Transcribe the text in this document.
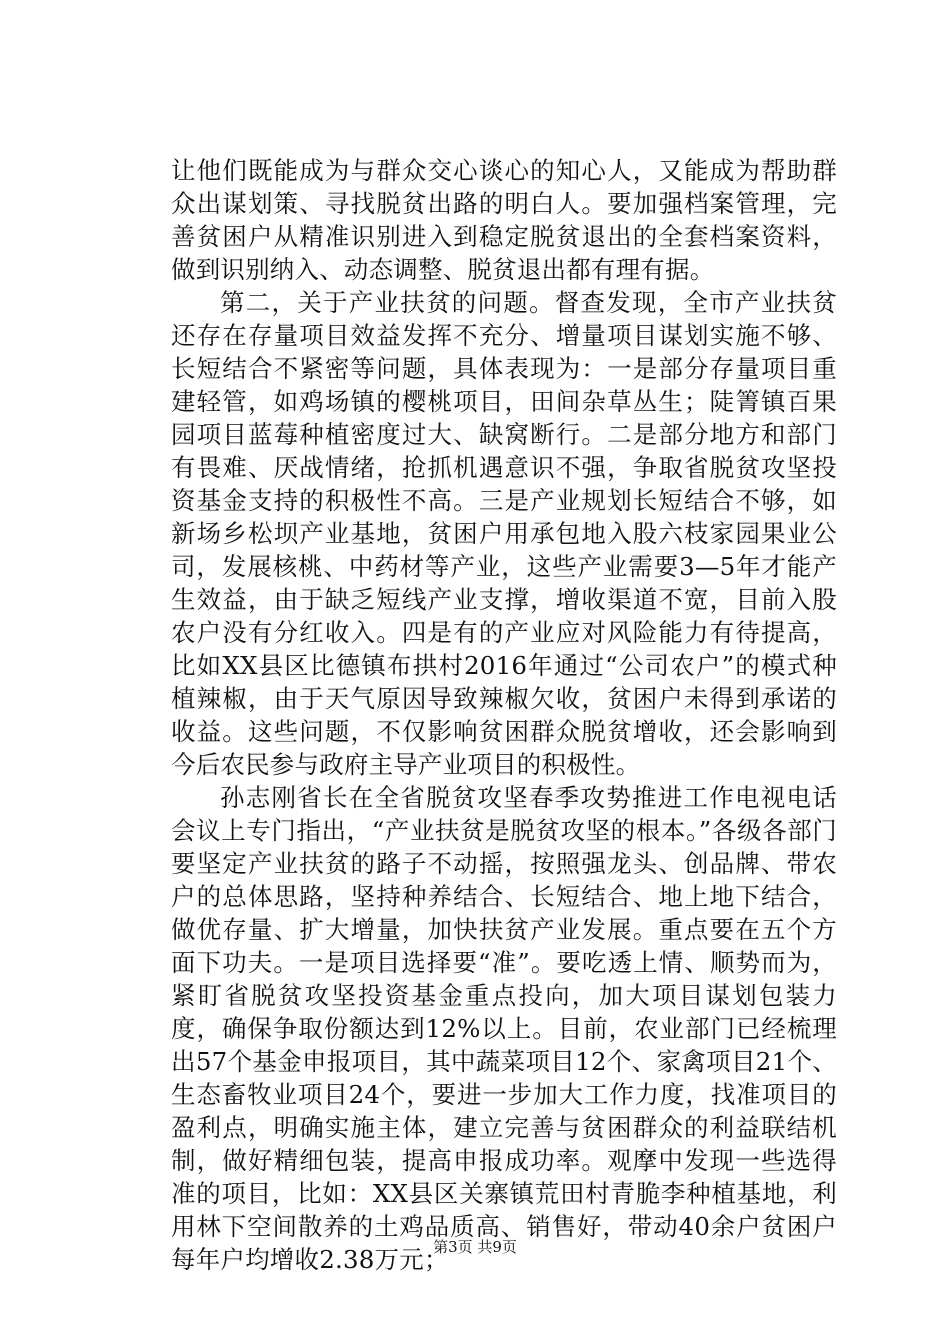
让他们既能成为与群众交心谈心的知心人，又能成为帮助群众出谋划策、寻找脱贫出路的明白人。要加强档案管理，完善贫困户从精准识别进入到稳定脱贫退出的全套档案资料，做到识别纳入、动态调整、脱贫退出都有理有据。

第二，关于产业扶贫的问题。督查发现，全市产业扶贫还存在存量项目效益发挥不充分、增量项目谋划实施不够、长短结合不紧密等问题，具体表现为：一是部分存量项目重建轻管，如鸡场镇的樱桃项目，田间杂草丛生；陡箐镇百果园项目蓝莓种植密度过大、缺窝断行。二是部分地方和部门有畏难、厌战情绪，抢抓机遇意识不强，争取省脱贫攻坚投资基金支持的积极性不高。三是产业规划长短结合不够，如新场乡松坝产业基地，贫困户用承包地入股六枝家园果业公司，发展核桃、中药材等产业，这些产业需要3—5年才能产生效益，由于缺乏短线产业支撑，增收渠道不宽，目前入股农户没有分红收入。四是有的产业应对风险能力有待提高，比如XX县区比德镇布拱村2016年通过“公司农户”的模式种植辣椒，由于天气原因导致辣椒欠收，贫困户未得到承诺的收益。这些问题，不仅影响贫困群众脱贫增收，还会影响到今后农民参与政府主导产业项目的积极性。

孙志刚省长在全省脱贫攻坚春季攻势推进工作电视电话会议上专门指出，“产业扶贫是脱贫攻坚的根本。”各级各部门要坚定产业扶贫的路子不动摇，按照强龙头、创品牌、带农户的总体思路，坚持种养结合、长短结合、地上地下结合，做优存量、扩大增量，加快扶贫产业发展。重点要在五个方面下功夫。一是项目选择要“准”。要吃透上情、顺势而为，紧盯省脱贫攻坚投资基金重点投向，加大项目谋划包装力度，确保争取份额达到12%以上。目前，农业部门已经梳理出57个基金申报项目，其中蔬菜项目12个、家禽项目21个、生态畜牧业项目24个，要进一步加大工作力度，找准项目的盈利点，明确实施主体，建立完善与贫困群众的利益联结机制，做好精细包装，提高申报成功率。观摩中发现一些选得准的项目，比如：XX县区关寨镇荒田村青脆李种植基地，利用林下空间散养的土鸡品质高、销售好，带动40余户贫困户每年户均增收2.38万元；

第3页 共9页
